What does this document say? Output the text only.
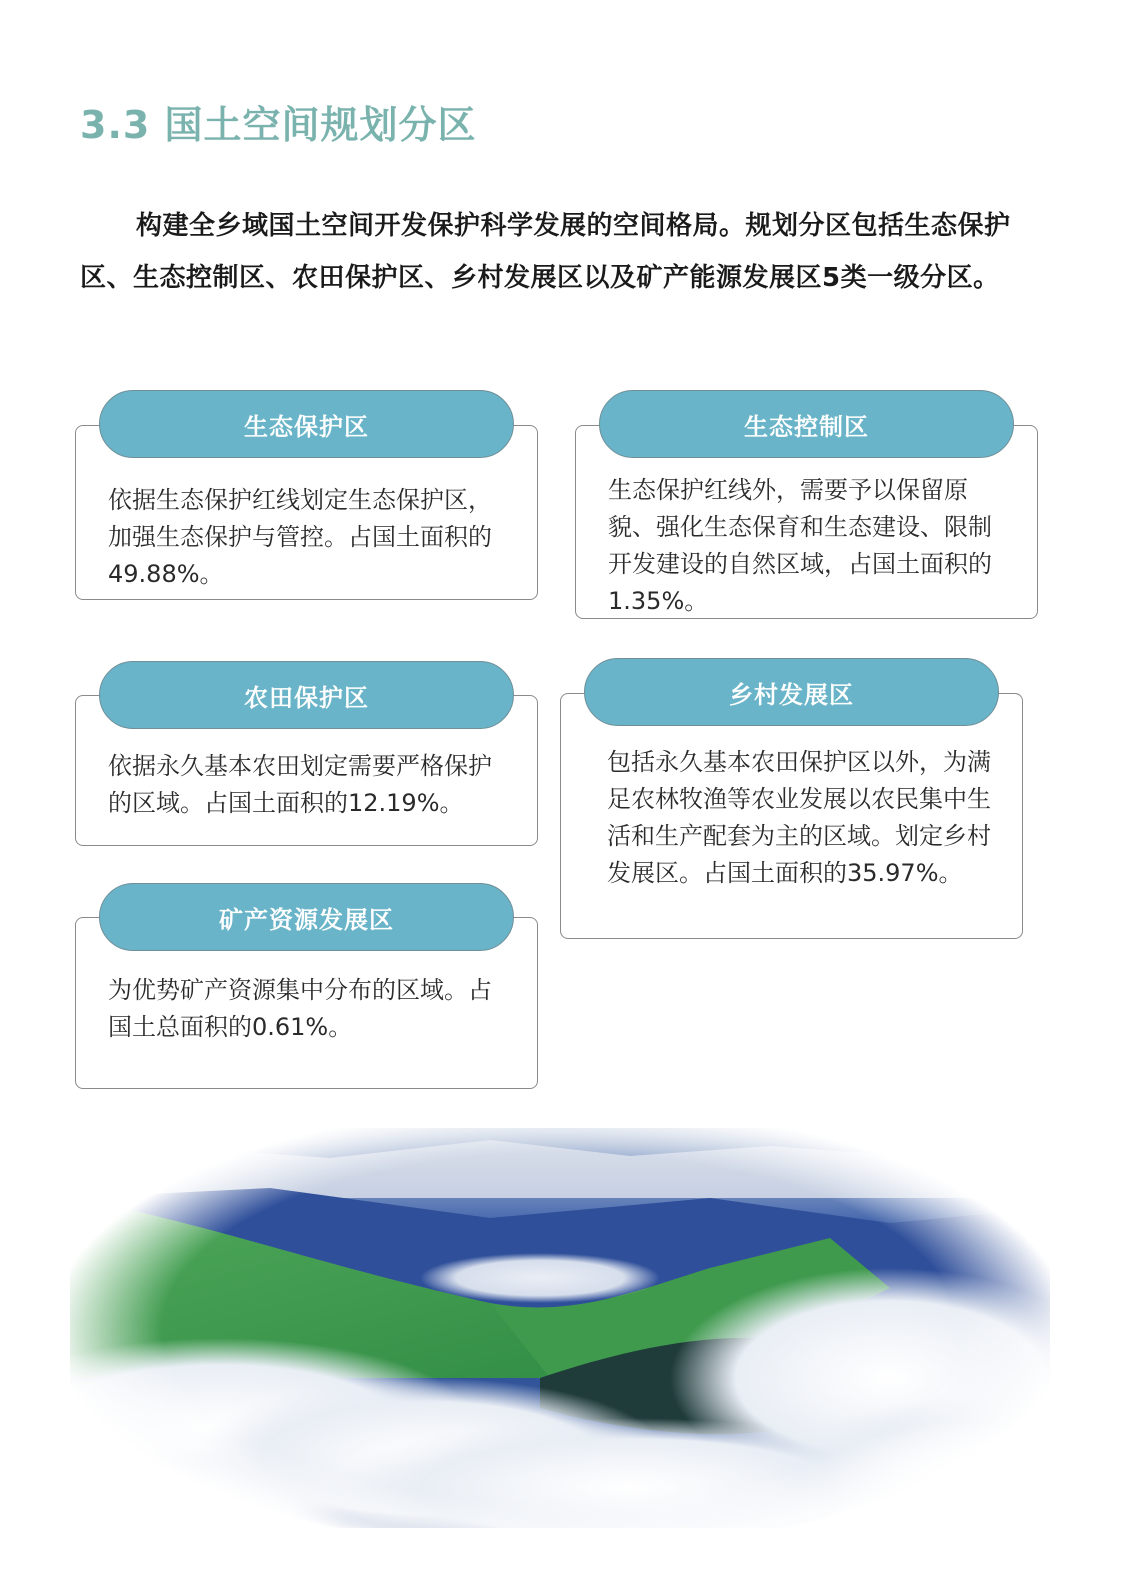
3.3 国土空间规划分区
构建全乡域国土空间开发保护科学发展的空间格局。规划分区包括生态保护区、生态控制区、农田保护区、乡村发展区以及矿产能源发展区5类一级分区。
依据生态保护红线划定生态保护区，加强生态保护与管控。占国土面积的49.88%。
生态保护区
生态保护红线外，需要予以保留原貌、强化生态保育和生态建设、限制开发建设的自然区域，占国土面积的1.35%。
生态控制区
依据永久基本农田划定需要严格保护的区域。占国土面积的12.19%。
农田保护区
包括永久基本农田保护区以外，为满足农林牧渔等农业发展以农民集中生活和生产配套为主的区域。划定乡村发展区。占国土面积的35.97%。
乡村发展区
为优势矿产资源集中分布的区域。占国土总面积的0.61%。
矿产资源发展区
